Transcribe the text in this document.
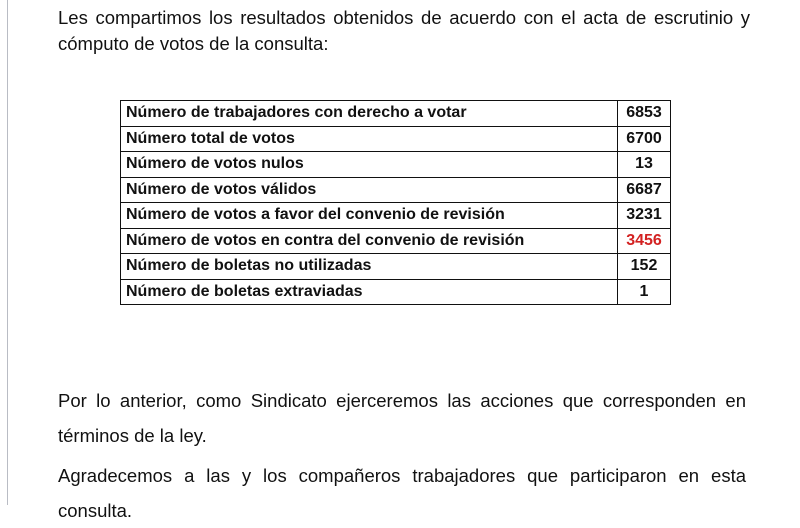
Les compartimos los resultados obtenidos de acuerdo con el acta de escrutinio y
cómputo de votos de la consulta:
Número de trabajadores con derecho a votar	6853
Número total de votos	6700
Número de votos nulos	13
Número de votos válidos	6687
Número de votos a favor del convenio de revisión	3231
Número de votos en contra del convenio de revisión	3456
Número de boletas no utilizadas	152
Número de boletas extraviadas	1
Por lo anterior, como Sindicato ejerceremos las acciones que corresponden en
términos de la ley.
Agradecemos a las y los compañeros trabajadores que participaron en esta
consulta.
